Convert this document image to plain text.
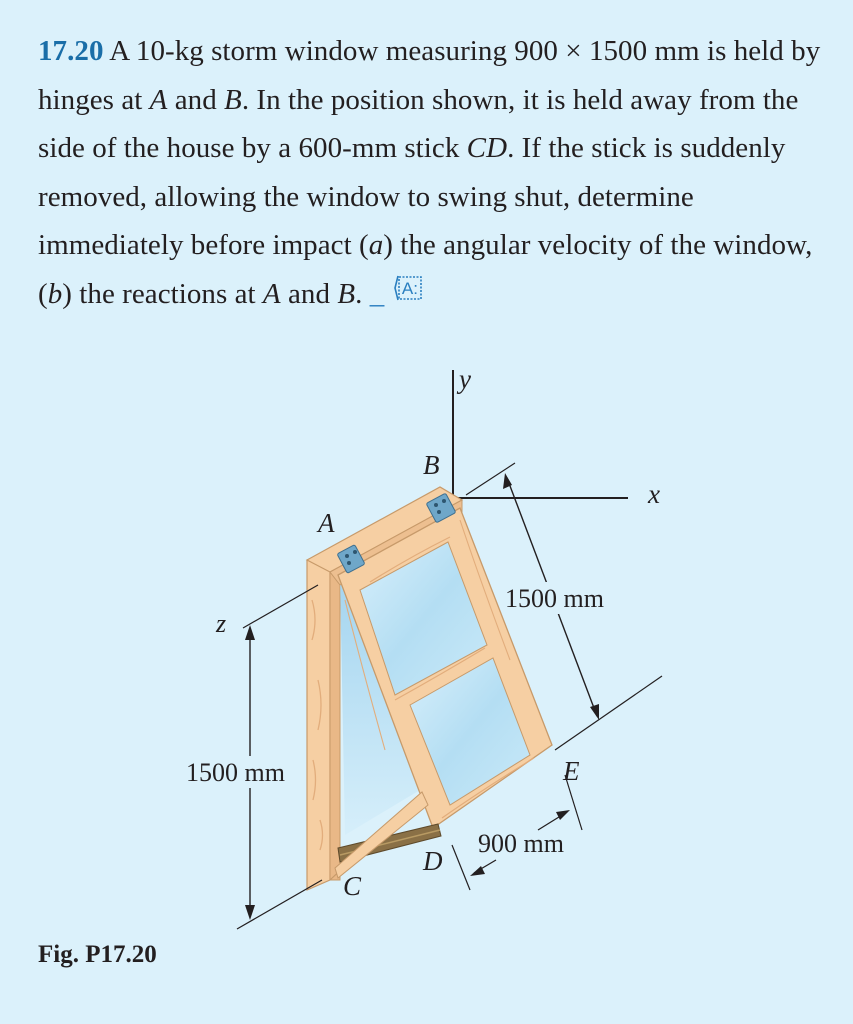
17.20 A 10-kg storm window measuring 900 × 1500 mm is held by hinges at A and B. In the position shown, it is held away from the side of the house by a 600-mm stick CD. If the stick is suddenly removed, allowing the window to swing shut, determine immediately before impact (a) the angular velocity of the window, (b) the reactions at A and B. _ A:
y
x
1500 mm
z
1500 mm
900 mm
B
A
C
D
E
Fig. P17.20
